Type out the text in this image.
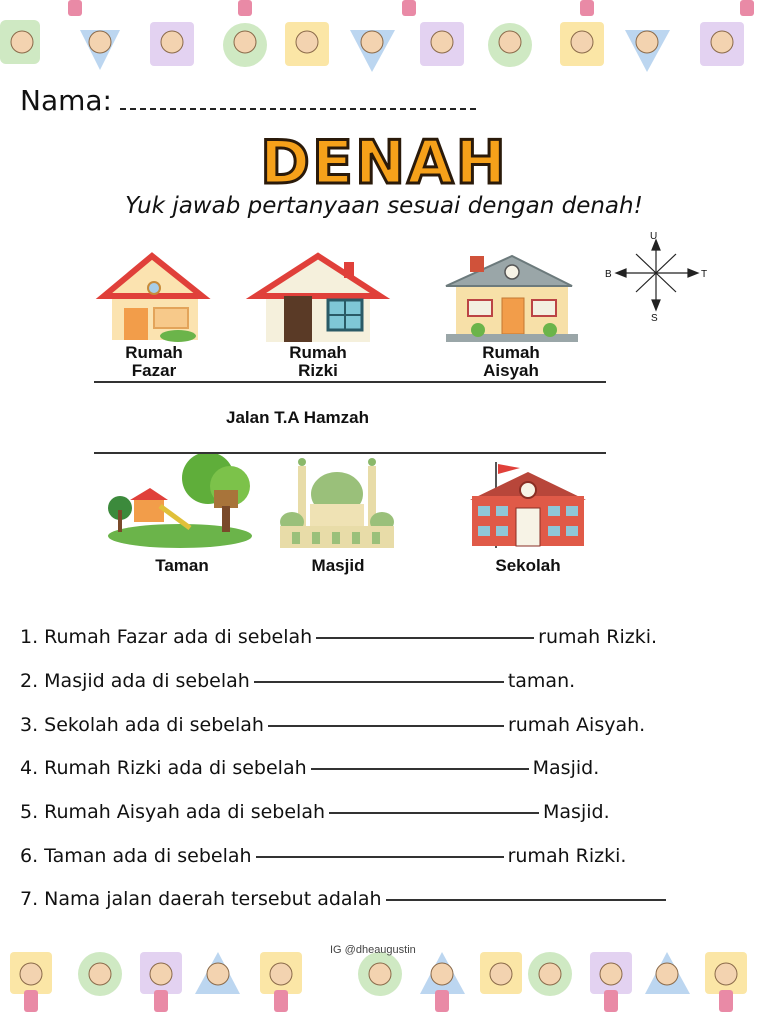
Nama:
DENAH
Yuk jawab pertanyaan sesuai dengan denah!
U
S
B	T
Rumah
Fazar
Rumah
Rizki
Rumah
Aisyah
Jalan T.A Hamzah
Taman	Masjid	Sekolah
1. Rumah Fazar ada di sebelah	rumah Rizki.
2. Masjid ada di sebelah	taman.
3. Sekolah ada di sebelah	rumah Aisyah.
4. Rumah Rizki ada di sebelah	Masjid.
5. Rumah Aisyah ada di sebelah	Masjid.
6. Taman ada di sebelah	rumah Rizki.
7. Nama jalan daerah tersebut adalah
IG @dheaugustin
